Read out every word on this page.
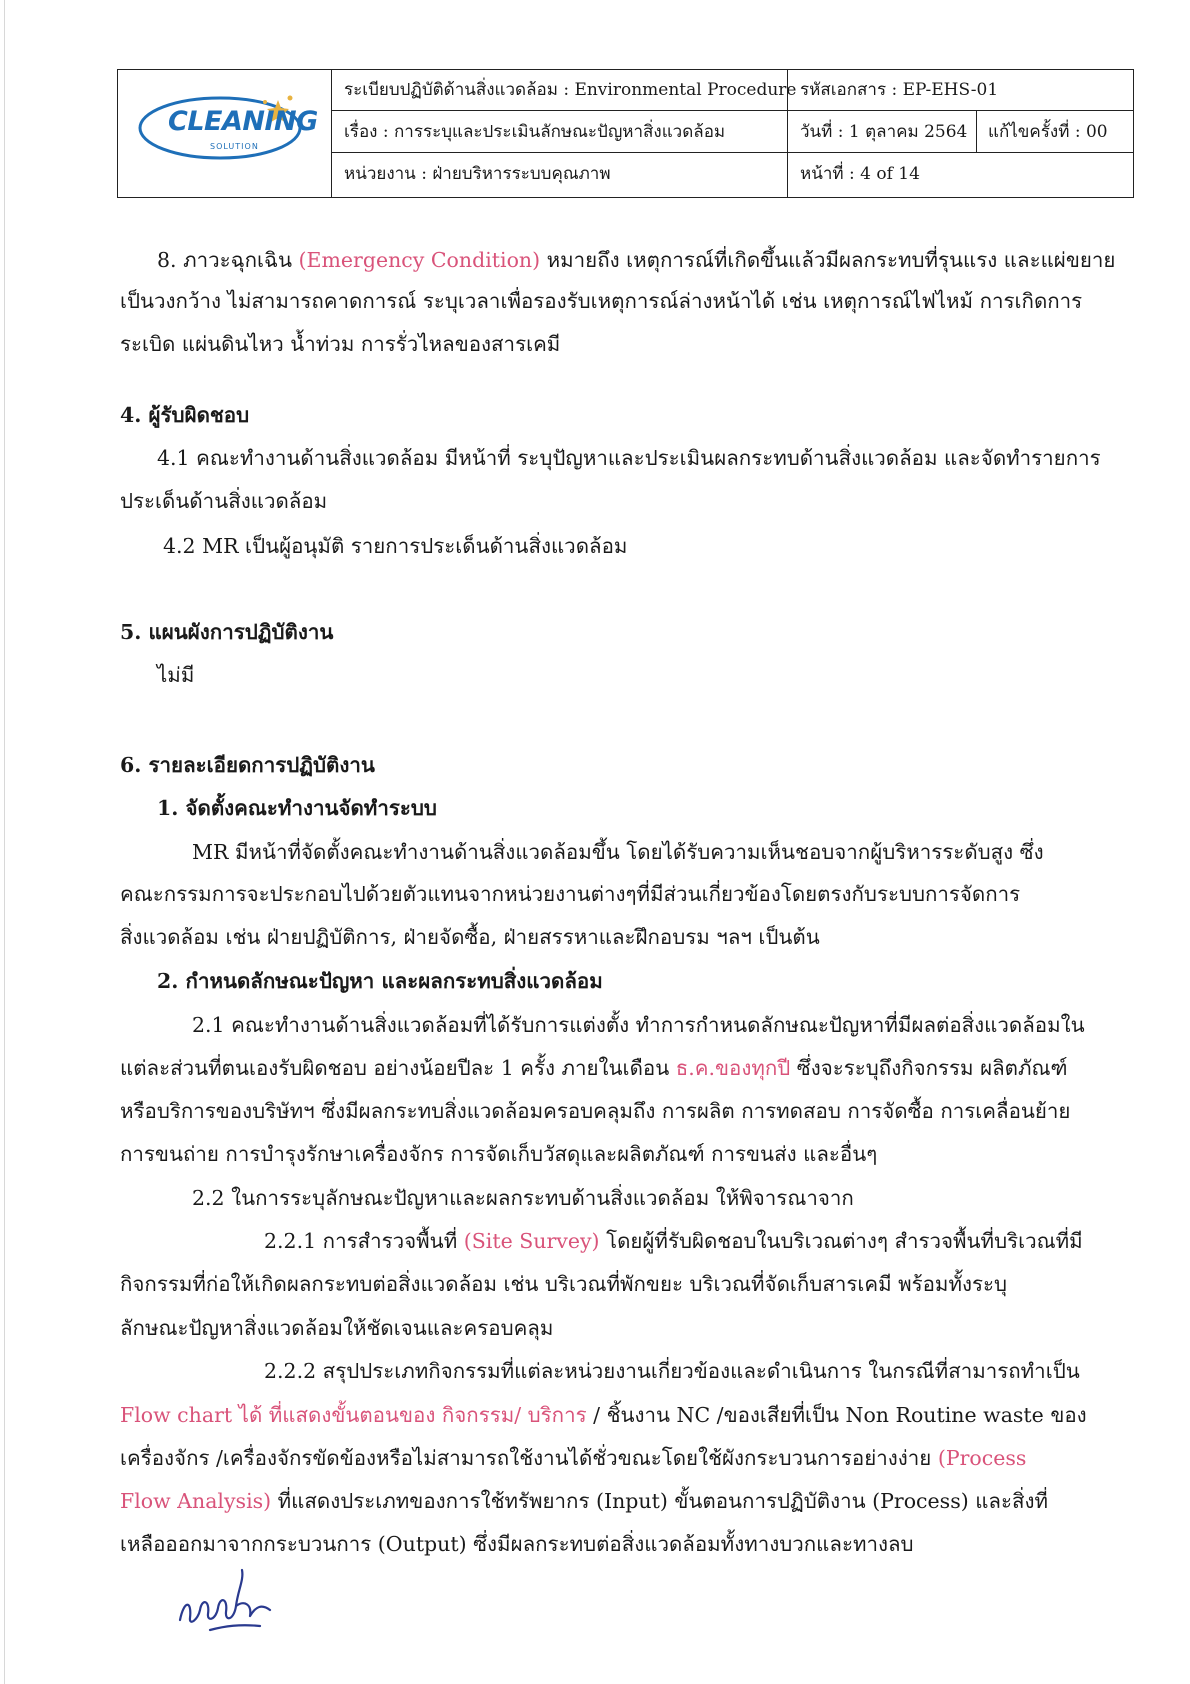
CLEANING
SOLUTION
ระเบียบปฏิบัติด้านสิ่งแวดล้อม : Environmental Procedure รหัสเอกสาร : EP-EHS-01
เรื่อง : การระบุและประเมินลักษณะปัญหาสิ่งแวดล้อม	วันที่ : 1 ตุลาคม 2564 แก้ไขครั้งที่ : 00
หน่วยงาน : ฝ่ายบริหารระบบคุณภาพ	หน้าที่ : 4 of 14
8. ภาวะฉุกเฉิน (Emergency Condition) หมายถึง เหตุการณ์ที่เกิดขึ้นแล้วมีผลกระทบที่รุนแรง และแผ่ขยาย
เป็นวงกว้าง ไม่สามารถคาดการณ์ ระบุเวลาเพื่อรองรับเหตุการณ์ล่างหน้าได้ เช่น เหตุการณ์ไฟไหม้ การเกิดการ
ระเบิด แผ่นดินไหว น้ำท่วม การรั่วไหลของสารเคมี
4. ผู้รับผิดชอบ
4.1 คณะทำงานด้านสิ่งแวดล้อม มีหน้าที่ ระบุปัญหาและประเมินผลกระทบด้านสิ่งแวดล้อม และจัดทำรายการ
ประเด็นด้านสิ่งแวดล้อม
4.2 MR เป็นผู้อนุมัติ รายการประเด็นด้านสิ่งแวดล้อม
5. แผนผังการปฏิบัติงาน
ไม่มี
6. รายละเอียดการปฏิบัติงาน
1. จัดตั้งคณะทำงานจัดทำระบบ
MR มีหน้าที่จัดตั้งคณะทำงานด้านสิ่งแวดล้อมขึ้น โดยได้รับความเห็นชอบจากผู้บริหารระดับสูง ซึ่ง
คณะกรรมการจะประกอบไปด้วยตัวแทนจากหน่วยงานต่างๆที่มีส่วนเกี่ยวข้องโดยตรงกับระบบการจัดการ
สิ่งแวดล้อม เช่น ฝ่ายปฏิบัติการ, ฝ่ายจัดซื้อ, ฝ่ายสรรหาและฝึกอบรม ฯลฯ เป็นต้น
2. กำหนดลักษณะปัญหา และผลกระทบสิ่งแวดล้อม
2.1 คณะทำงานด้านสิ่งแวดล้อมที่ได้รับการแต่งตั้ง ทำการกำหนดลักษณะปัญหาที่มีผลต่อสิ่งแวดล้อมใน
แต่ละส่วนที่ตนเองรับผิดชอบ อย่างน้อยปีละ 1 ครั้ง ภายในเดือน ธ.ค.ของทุกปี ซึ่งจะระบุถึงกิจกรรม ผลิตภัณฑ์
หรือบริการของบริษัทฯ ซึ่งมีผลกระทบสิ่งแวดล้อมครอบคลุมถึง การผลิต การทดสอบ การจัดซื้อ การเคลื่อนย้าย
การขนถ่าย การบำรุงรักษาเครื่องจักร การจัดเก็บวัสดุและผลิตภัณฑ์ การขนส่ง และอื่นๆ
2.2 ในการระบุลักษณะปัญหาและผลกระทบด้านสิ่งแวดล้อม ให้พิจารณาจาก
2.2.1 การสำรวจพื้นที่ (Site Survey) โดยผู้ที่รับผิดชอบในบริเวณต่างๆ สำรวจพื้นที่บริเวณที่มี
กิจกรรมที่ก่อให้เกิดผลกระทบต่อสิ่งแวดล้อม เช่น บริเวณที่พักขยะ บริเวณที่จัดเก็บสารเคมี พร้อมทั้งระบุ
ลักษณะปัญหาสิ่งแวดล้อมให้ชัดเจนและครอบคลุม
2.2.2 สรุปประเภทกิจกรรมที่แต่ละหน่วยงานเกี่ยวข้องและดำเนินการ ในกรณีที่สามารถทำเป็น
Flow chart ได้ ที่แสดงขั้นตอนของ กิจกรรม/ บริการ / ชิ้นงาน NC /ของเสียที่เป็น Non Routine waste ของ
เครื่องจักร /เครื่องจักรขัดข้องหรือไม่สามารถใช้งานได้ชั่วขณะโดยใช้ผังกระบวนการอย่างง่าย (Process
Flow Analysis) ที่แสดงประเภทของการใช้ทรัพยากร (Input) ขั้นตอนการปฏิบัติงาน (Process) และสิ่งที่
เหลือออกมาจากกระบวนการ (Output) ซึ่งมีผลกระทบต่อสิ่งแวดล้อมทั้งทางบวกและทางลบ
